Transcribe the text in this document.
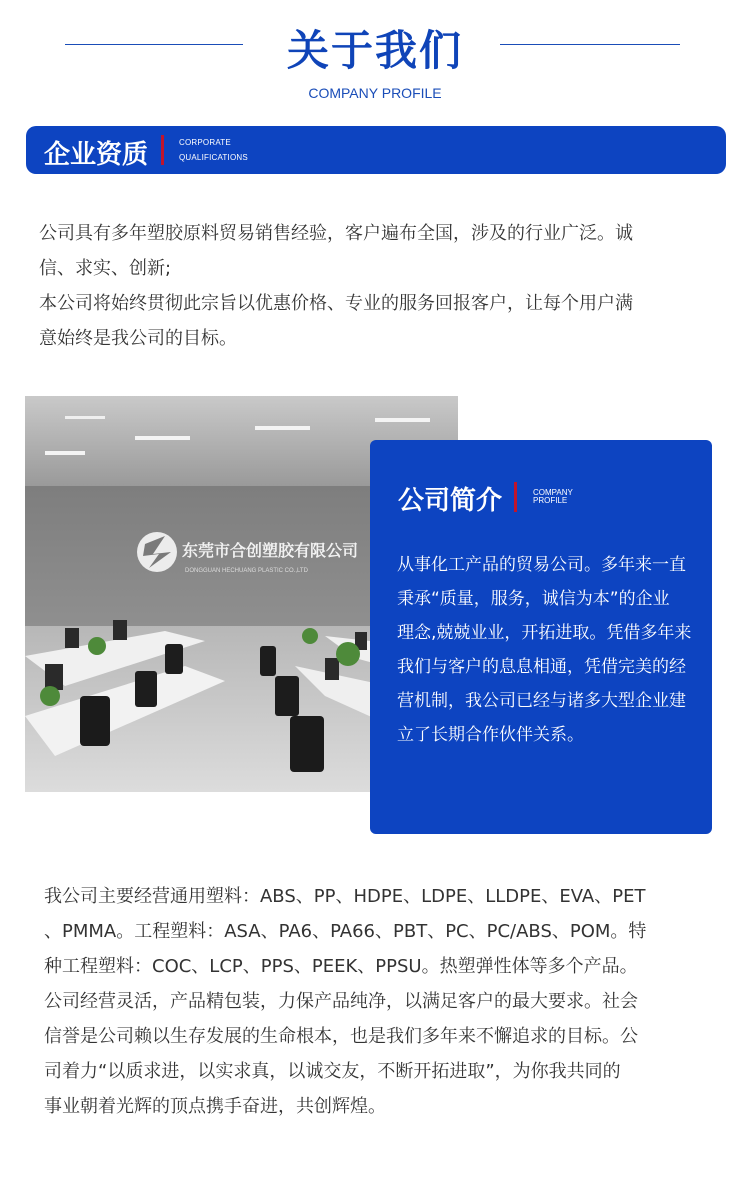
关于我们
COMPANY PROFILE
企业资质	CORPORATE
QUALIFICATIONS
公司具有多年塑胶原料贸易销售经验，客户遍布全国，涉及的行业广泛。诚
信、求实、创新;
本公司将始终贯彻此宗旨以优惠价格、专业的服务回报客户，让每个用户满
意始终是我公司的目标。
东莞市合创塑胶有限公司
DONGGUAN HECHUANG PLASTIC CO.,LTD
公司简介	COMPANY
PROFILE
从事化工产品的贸易公司。多年来一直
秉承“质量，服务，诚信为本”的企业
理念,兢兢业业，开拓进取。凭借多年来
我们与客户的息息相通，凭借完美的经
营机制，我公司已经与诸多大型企业建
立了长期合作伙伴关系。
我公司主要经营通用塑料：ABS、PP、HDPE、LDPE、LLDPE、EVA、PET
、PMMA。工程塑料：ASA、PA6、PA66、PBT、PC、PC/ABS、POM。特
种工程塑料：COC、LCP、PPS、PEEK、PPSU。热塑弹性体等多个产品。
公司经营灵活，产品精包装，力保产品纯净，以满足客户的最大要求。社会
信誉是公司赖以生存发展的生命根本，也是我们多年来不懈追求的目标。公
司着力“以质求进，以实求真，以诚交友，不断开拓进取”，为你我共同的
事业朝着光辉的顶点携手奋进，共创辉煌。
